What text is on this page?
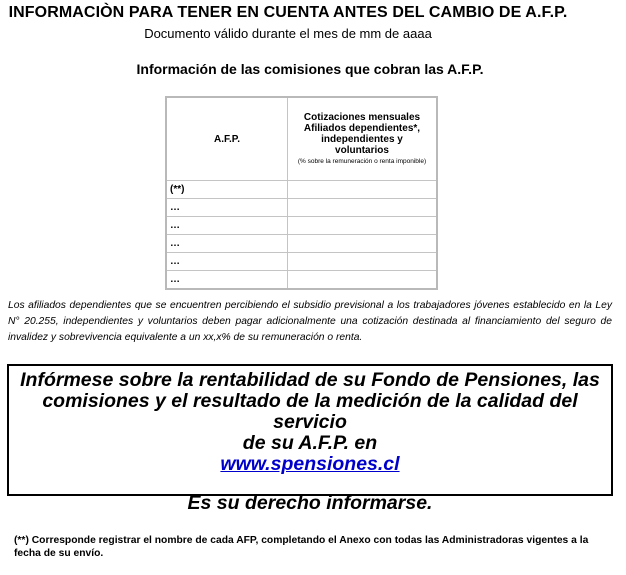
INFORMACIÒN PARA TENER EN CUENTA ANTES DEL CAMBIO DE A.F.P.
Documento válido durante el mes de mm de aaaa
Información de las comisiones que cobran las A.F.P.
A.F.P.	Cotizaciones mensuales
Afiliados dependientes*,
independientes y
voluntarios
(% sobre la remuneración o renta imponible)

(**)	
…	
…	
…	
…	
…	
Los afiliados dependientes que se encuentren percibiendo el subsidio previsional a los trabajadores jóvenes establecido en la Ley N° 20.255, independientes y voluntarios deben pagar adicionalmente una cotización destinada al financiamiento del seguro de invalidez y sobrevivencia equivalente a un xx,x% de su remuneración o renta.
Infórmese sobre la rentabilidad de su Fondo de Pensiones, las
comisiones y el resultado de la medición de la calidad del servicio
de su A.F.P. en
www.spensiones.cl
Es su derecho informarse.
(**) Corresponde registrar el nombre de cada AFP, completando el Anexo con todas las Administradoras vigentes a la fecha de su envío.
